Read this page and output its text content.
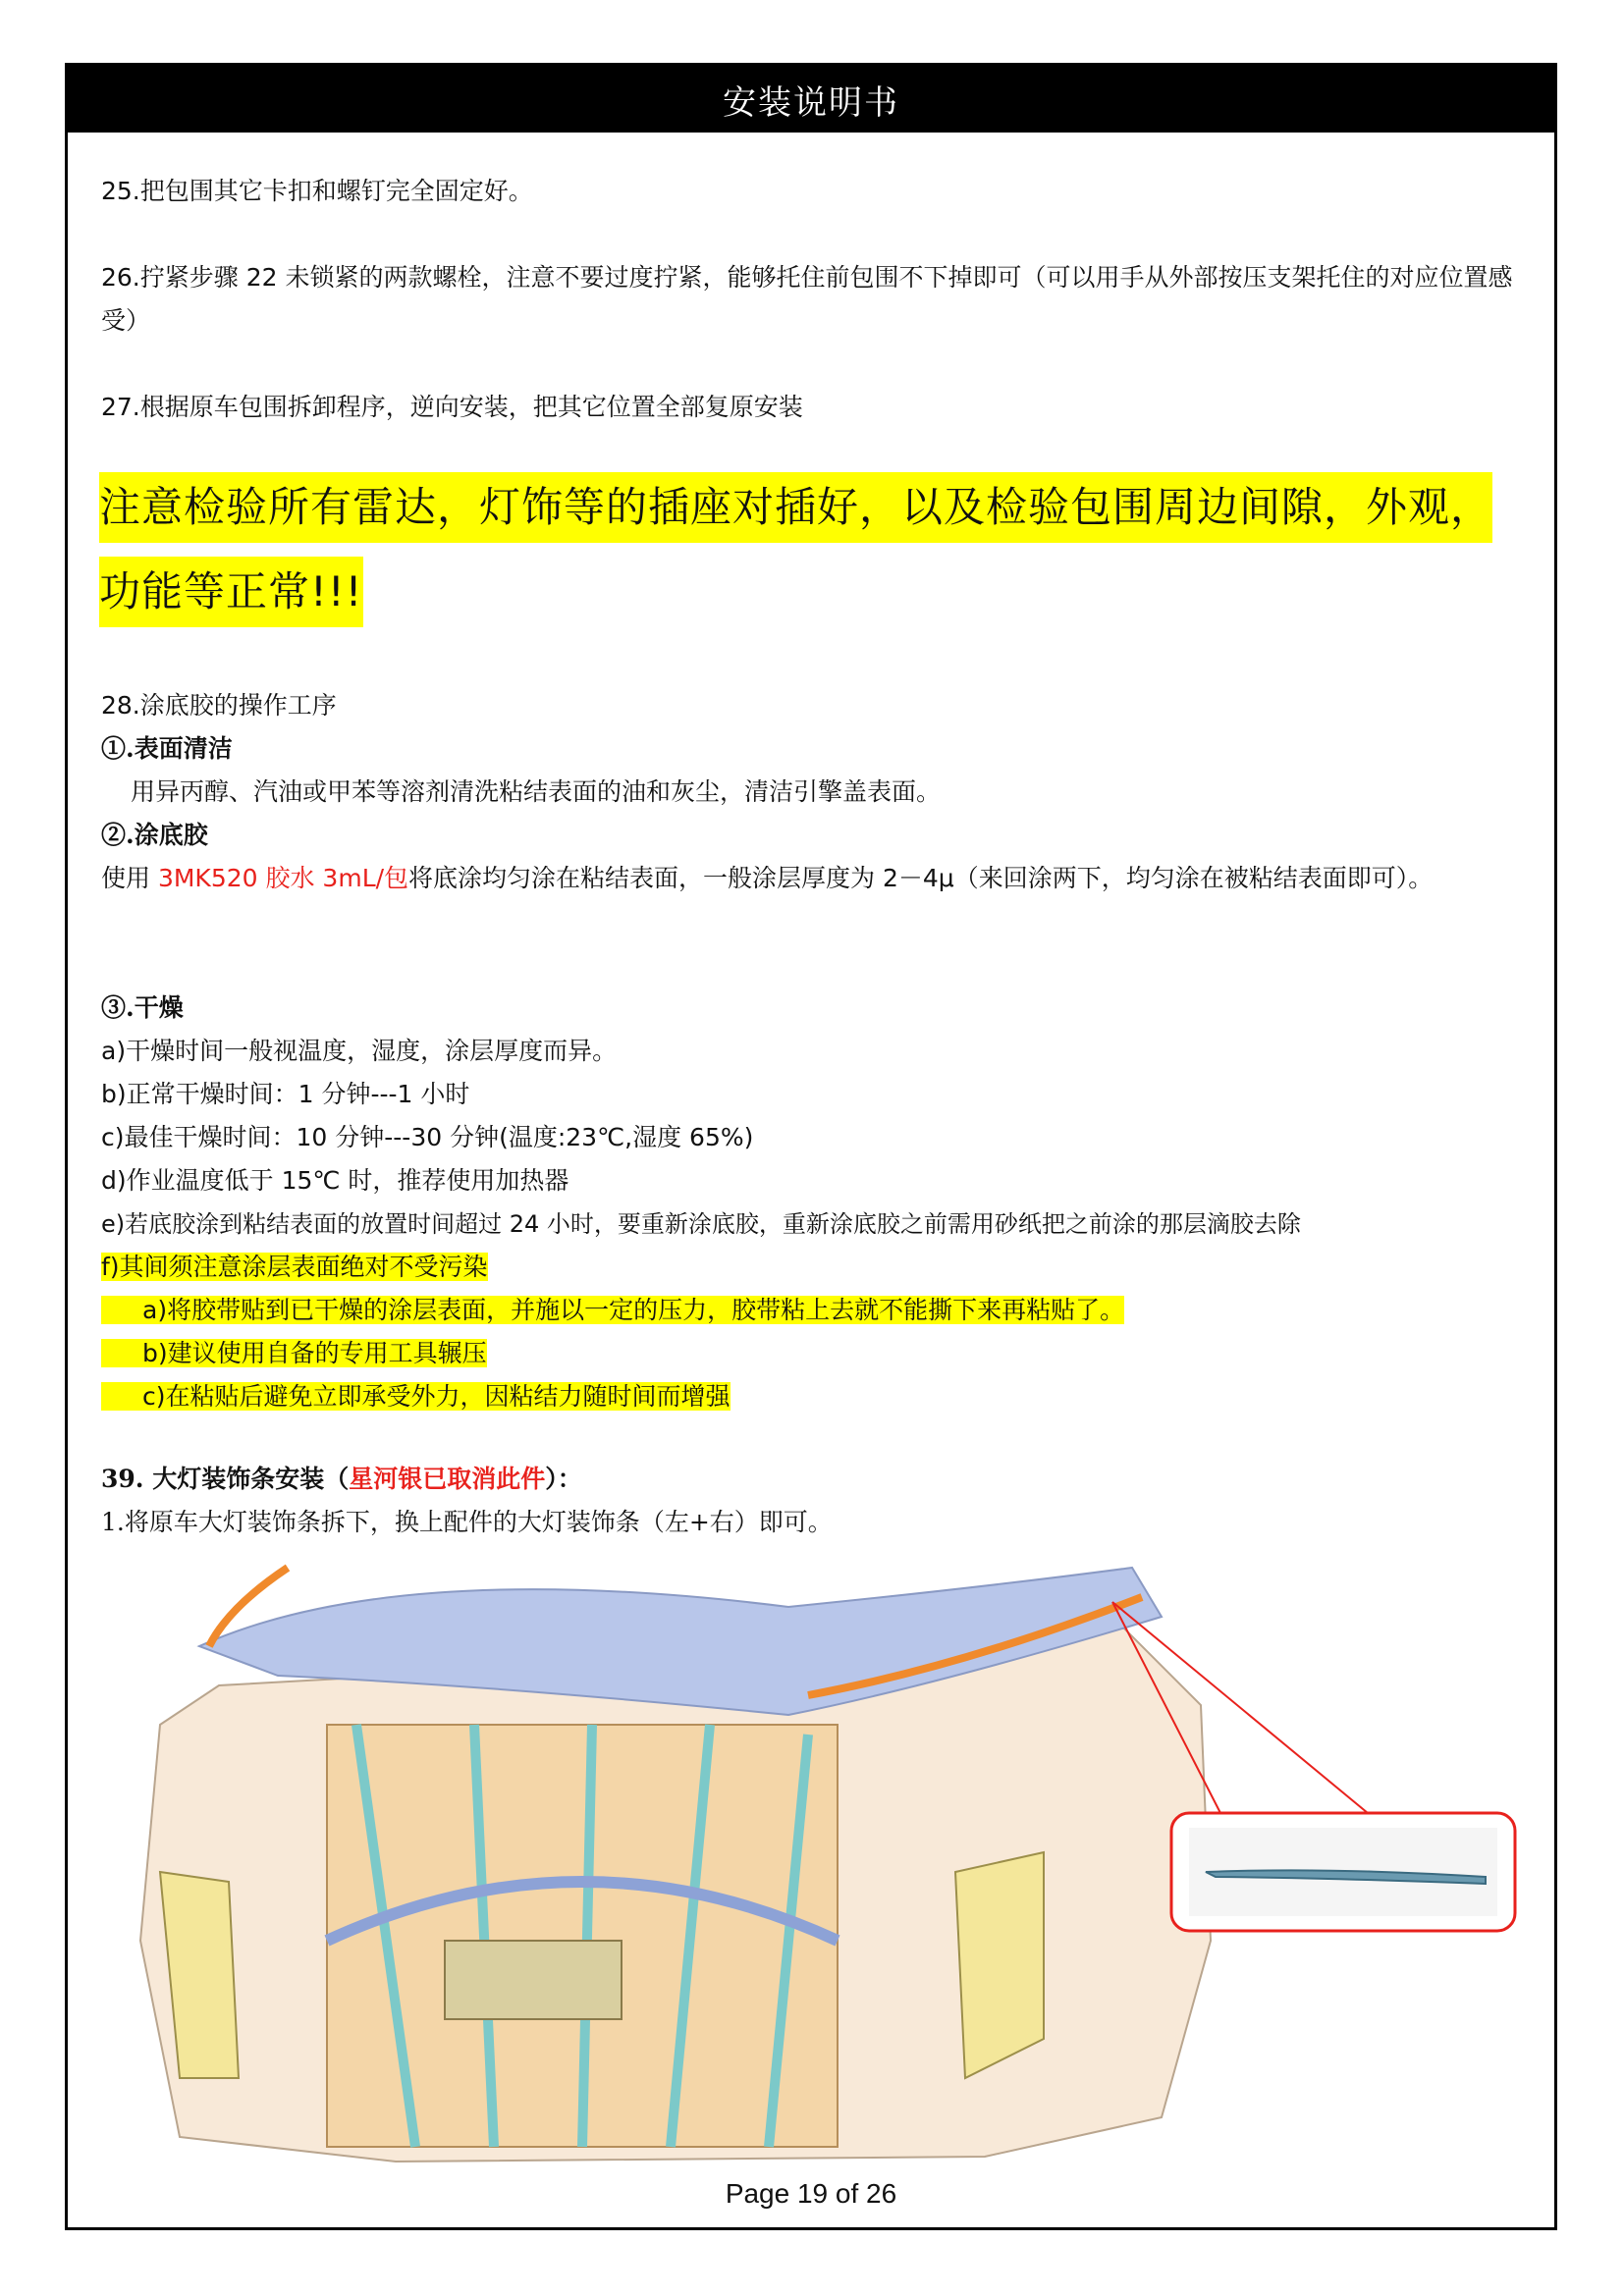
安装说明书
25.把包围其它卡扣和螺钉完全固定好。
26.拧紧步骤 22 未锁紧的两款螺栓，注意不要过度拧紧，能够托住前包围不下掉即可（可以用手从外部按压支架托住的对应位置感受）
27.根据原车包围拆卸程序，逆向安装，把其它位置全部复原安装
注意检验所有雷达，灯饰等的插座对插好，以及检验包围周边间隙，外观，
功能等正常!!!
28.涂底胶的操作工序
①.表面清洁
用异丙醇、汽油或甲苯等溶剂清洗粘结表面的油和灰尘，清洁引擎盖表面。
②.涂底胶
使用 3MK520 胶水 3mL/包将底涂均匀涂在粘结表面，一般涂层厚度为 2－4μ（来回涂两下，均匀涂在被粘结表面即可）。
③.干燥
a)干燥时间一般视温度，湿度，涂层厚度而异。
b)正常干燥时间：1 分钟---1 小时
c)最佳干燥时间：10 分钟---30 分钟(温度:23℃,湿度 65%)
d)作业温度低于 15℃ 时，推荐使用加热器
e)若底胶涂到粘结表面的放置时间超过 24 小时，要重新涂底胶，重新涂底胶之前需用砂纸把之前涂的那层滴胶去除
f)其间须注意涂层表面绝对不受污染
a)将胶带贴到已干燥的涂层表面，并施以一定的压力，胶带粘上去就不能撕下来再粘贴了。
b)建议使用自备的专用工具辗压
c)在粘贴后避免立即承受外力，因粘结力随时间而增强
39. 大灯装饰条安装（星河银已取消此件）：
1.将原车大灯装饰条拆下，换上配件的大灯装饰条（左+右）即可。
Page 19 of 26
